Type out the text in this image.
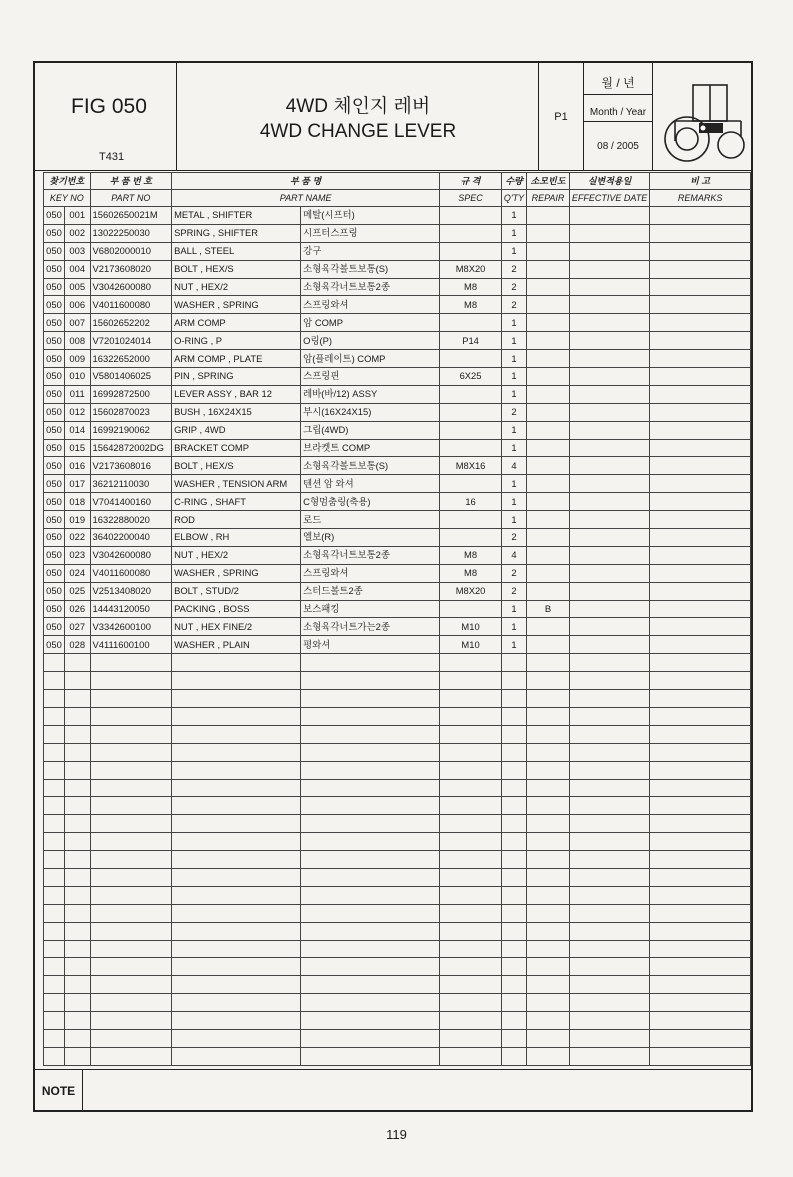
FIG 050
T431
4WD 체인지 레버
4WD CHANGE LEVER
P1
월 / 년
Month / Year
08 / 2005
찾기번호		부 품 번 호	부 품 명		규 격	수량	소모빈도	실변적용일	비 고
KEY NO		PART NO	PART NAME		SPEC	Q'TY	REPAIR	EFFECTIVE DATE	REMARKS
050	001	15602650021M	METAL , SHIFTER	메탈(시프터)		1			
050	002	13022250030	SPRING , SHIFTER	시프터스프링		1			
050	003	V6802000010	BALL , STEEL	강구		1			
050	004	V2173608020	BOLT , HEX/S	소형육각볼트보통(S)	M8X20	2			
050	005	V3042600080	NUT , HEX/2	소형육각너트보통2종	M8	2			
050	006	V4011600080	WASHER , SPRING	스프링와셔	M8	2			
050	007	15602652202	ARM COMP	암 COMP		1			
050	008	V7201024014	O-RING , P	O링(P)	P14	1			
050	009	16322652000	ARM COMP , PLATE	암(플레이트) COMP		1			
050	010	V5801406025	PIN , SPRING	스프링핀	6X25	1			
050	011	16992872500	LEVER ASSY , BAR 12	레바(바/12) ASSY		1			
050	012	15602870023	BUSH , 16X24X15	부시(16X24X15)		2			
050	014	16992190062	GRIP , 4WD	그립(4WD)		1			
050	015	15642872002DG	BRACKET COMP	브라켓트 COMP		1			
050	016	V2173608016	BOLT , HEX/S	소형육각볼트보통(S)	M8X16	4			
050	017	36212110030	WASHER , TENSION ARM	텐션 암 와셔		1			
050	018	V7041400160	C-RING , SHAFT	C형멈춤링(축용)	16	1			
050	019	16322880020	ROD	로드		1			
050	022	36402200040	ELBOW , RH	엘보(R)		2			
050	023	V3042600080	NUT , HEX/2	소형육각너트보통2종	M8	4			
050	024	V4011600080	WASHER , SPRING	스프링와셔	M8	2			
050	025	V2513408020	BOLT , STUD/2	스터드볼트2종	M8X20	2			
050	026	14443120050	PACKING , BOSS	보스패킹		1	B		
050	027	V3342600100	NUT , HEX FINE/2	소형육각너트가는2종	M10	1			
050	028	V4111600100	WASHER , PLAIN	평와셔	M10	1			

NOTE
119
